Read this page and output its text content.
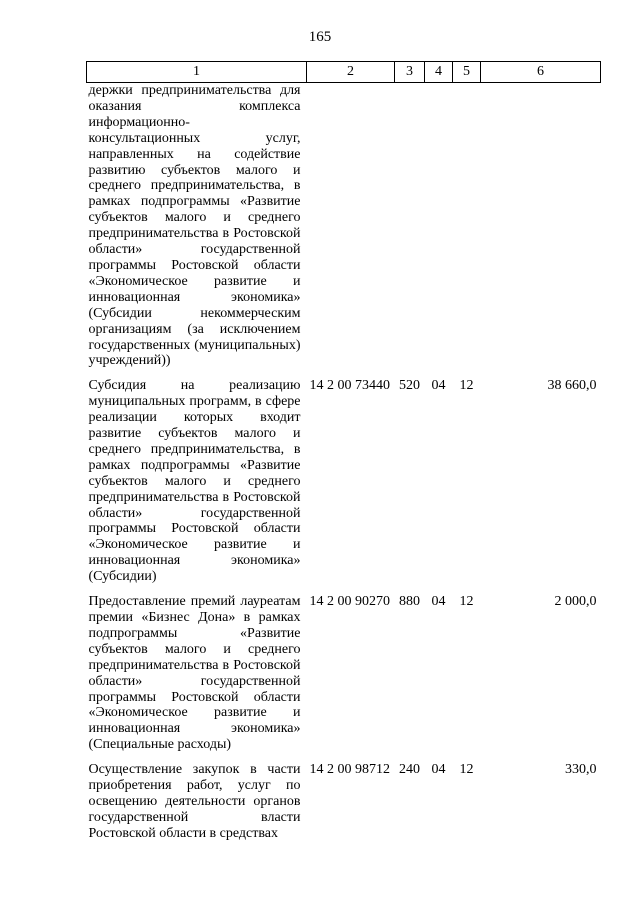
165
1	2	3	4	5	6
держки предпринимательства для оказания комплекса информационно-консультационных услуг, направленных на содействие развитию субъектов малого и среднего предпринимательства, в рамках подпрограммы «Развитие субъектов малого и среднего предпринимательства в Ростовской области» государственной программы Ростовской области «Экономическое развитие и инновационная экономика» (Субсидии некоммерческим организациям (за исключением государственных (муниципальных) учреждений))					
Субсидия на реализацию муниципальных программ, в сфере реализации которых входит развитие субъектов малого и среднего предпринимательства, в рамках подпрограммы «Развитие субъектов малого и среднего предпринимательства в Ростовской области» государственной программы Ростовской области «Экономическое развитие и инновационная экономика» (Субсидии)	14 2 00 73440	520	04	12	38 660,0
Предоставление премий лауреатам премии «Бизнес Дона» в рамках подпрограммы «Развитие субъектов малого и среднего предпринимательства в Ростовской области» государственной программы Ростовской области «Экономическое развитие и инновационная экономика» (Специальные расходы)	14 2 00 90270	880	04	12	2 000,0
Осуществление закупок в части приобретения работ, услуг по освещению деятельности органов государственной власти Ростовской области в средствах	14 2 00 98712	240	04	12	330,0
